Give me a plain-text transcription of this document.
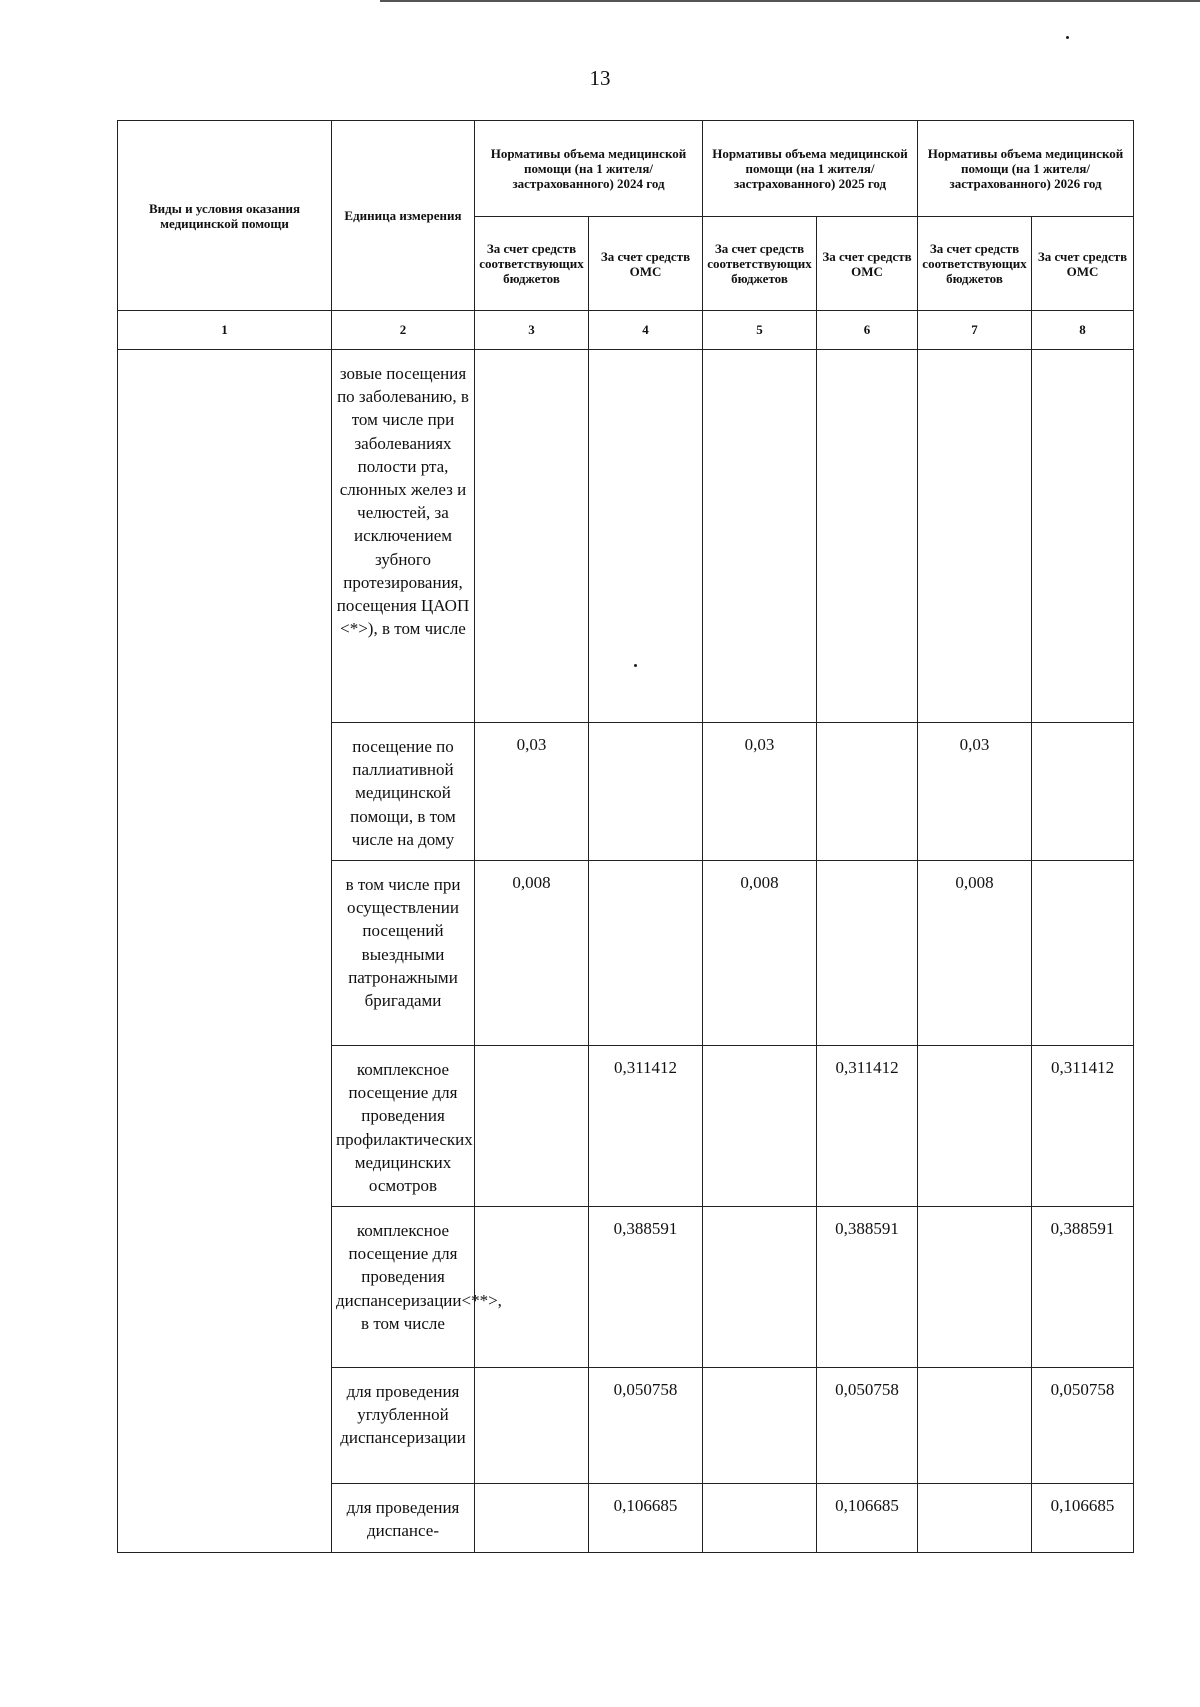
13
Виды и условия оказания медицинской помощи	Единица измерения	Нормативы объема медицинской помощи (на 1 жителя/застрахованного) 2024 год		Нормативы объема медицинской помощи (на 1 жителя/застрахованного) 2025 год		Нормативы объема медицинской помощи (на 1 жителя/застрахованного) 2026 год	
		За счет средств соответствующих бюджетов	За счет средств ОМС	За счет средств соответствующих бюджетов	За счет средств ОМС	За счет средств соответствующих бюджетов	За счет средств ОМС
1	2	3	4	5	6	7	8
	зовые посещения по заболеванию, в том числе при заболеваниях полости рта, слюнных желез и челюстей, за исключением зубного протезирования, посещения ЦАОП <*>), в том числе						
	посещение по паллиативной медицинской помощи, в том числе на дому	0,03		0,03		0,03	
	в том числе при осуществлении посещений выездными патронажными бригадами	0,008		0,008		0,008	
	комплексное посещение для проведения профилактических медицинских осмотров		0,311412		0,311412		0,311412
	комплексное посещение для проведения диспансеризации<**>, в том числе		0,388591		0,388591		0,388591
	для проведения углубленной диспансеризации		0,050758		0,050758		0,050758
	для проведения диспансе-		0,106685		0,106685		0,106685
